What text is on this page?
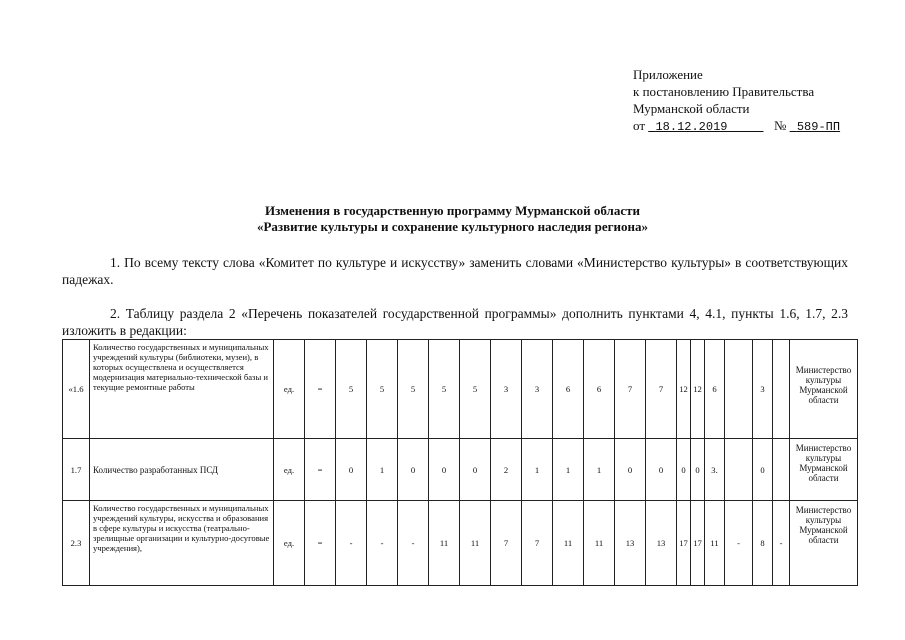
Приложение
к постановлению Правительства
Мурманской области
от 18.12.2019	№ 589-ПП
Изменения в государственную программу Мурманской области
«Развитие культуры и сохранение культурного наследия региона»
1. По всему тексту слова «Комитет по культуре и искусству» заменить словами «Министерство культуры» в соответствующих падежах.
2. Таблицу раздела 2 «Перечень показателей государственной программы» дополнить пунктами 4, 4.1, пункты 1.6, 1.7, 2.3 изложить в редакции:
«1.6	Количество государственных и муниципальных учреждений культуры (библиотеки, музеи), в которых осуществлена и осуществляется модернизация материально-технической базы и текущие ремонтные работы	ед.	=	5	5	5	5	5	3	3	6	6	7	7	12	12	6		3		Министерство культуры Мурманской области
1.7	Количество разработанных ПСД	ед.	=	0	1	0	0	0	2	1	1	1	0	0	0	0	3.		0		Министерство культуры Мурманской области
2.3	Количество государственных и муниципальных учреждений культуры, искусства и образования в сфере культуры и искусства (театрально-зрелищные организации и культурно-досуговые учреждения),	ед.	=	-	-	-	11	11	7	7	11	11	13	13	17	17	11	-	8	-	Министерство культуры Мурманской области
